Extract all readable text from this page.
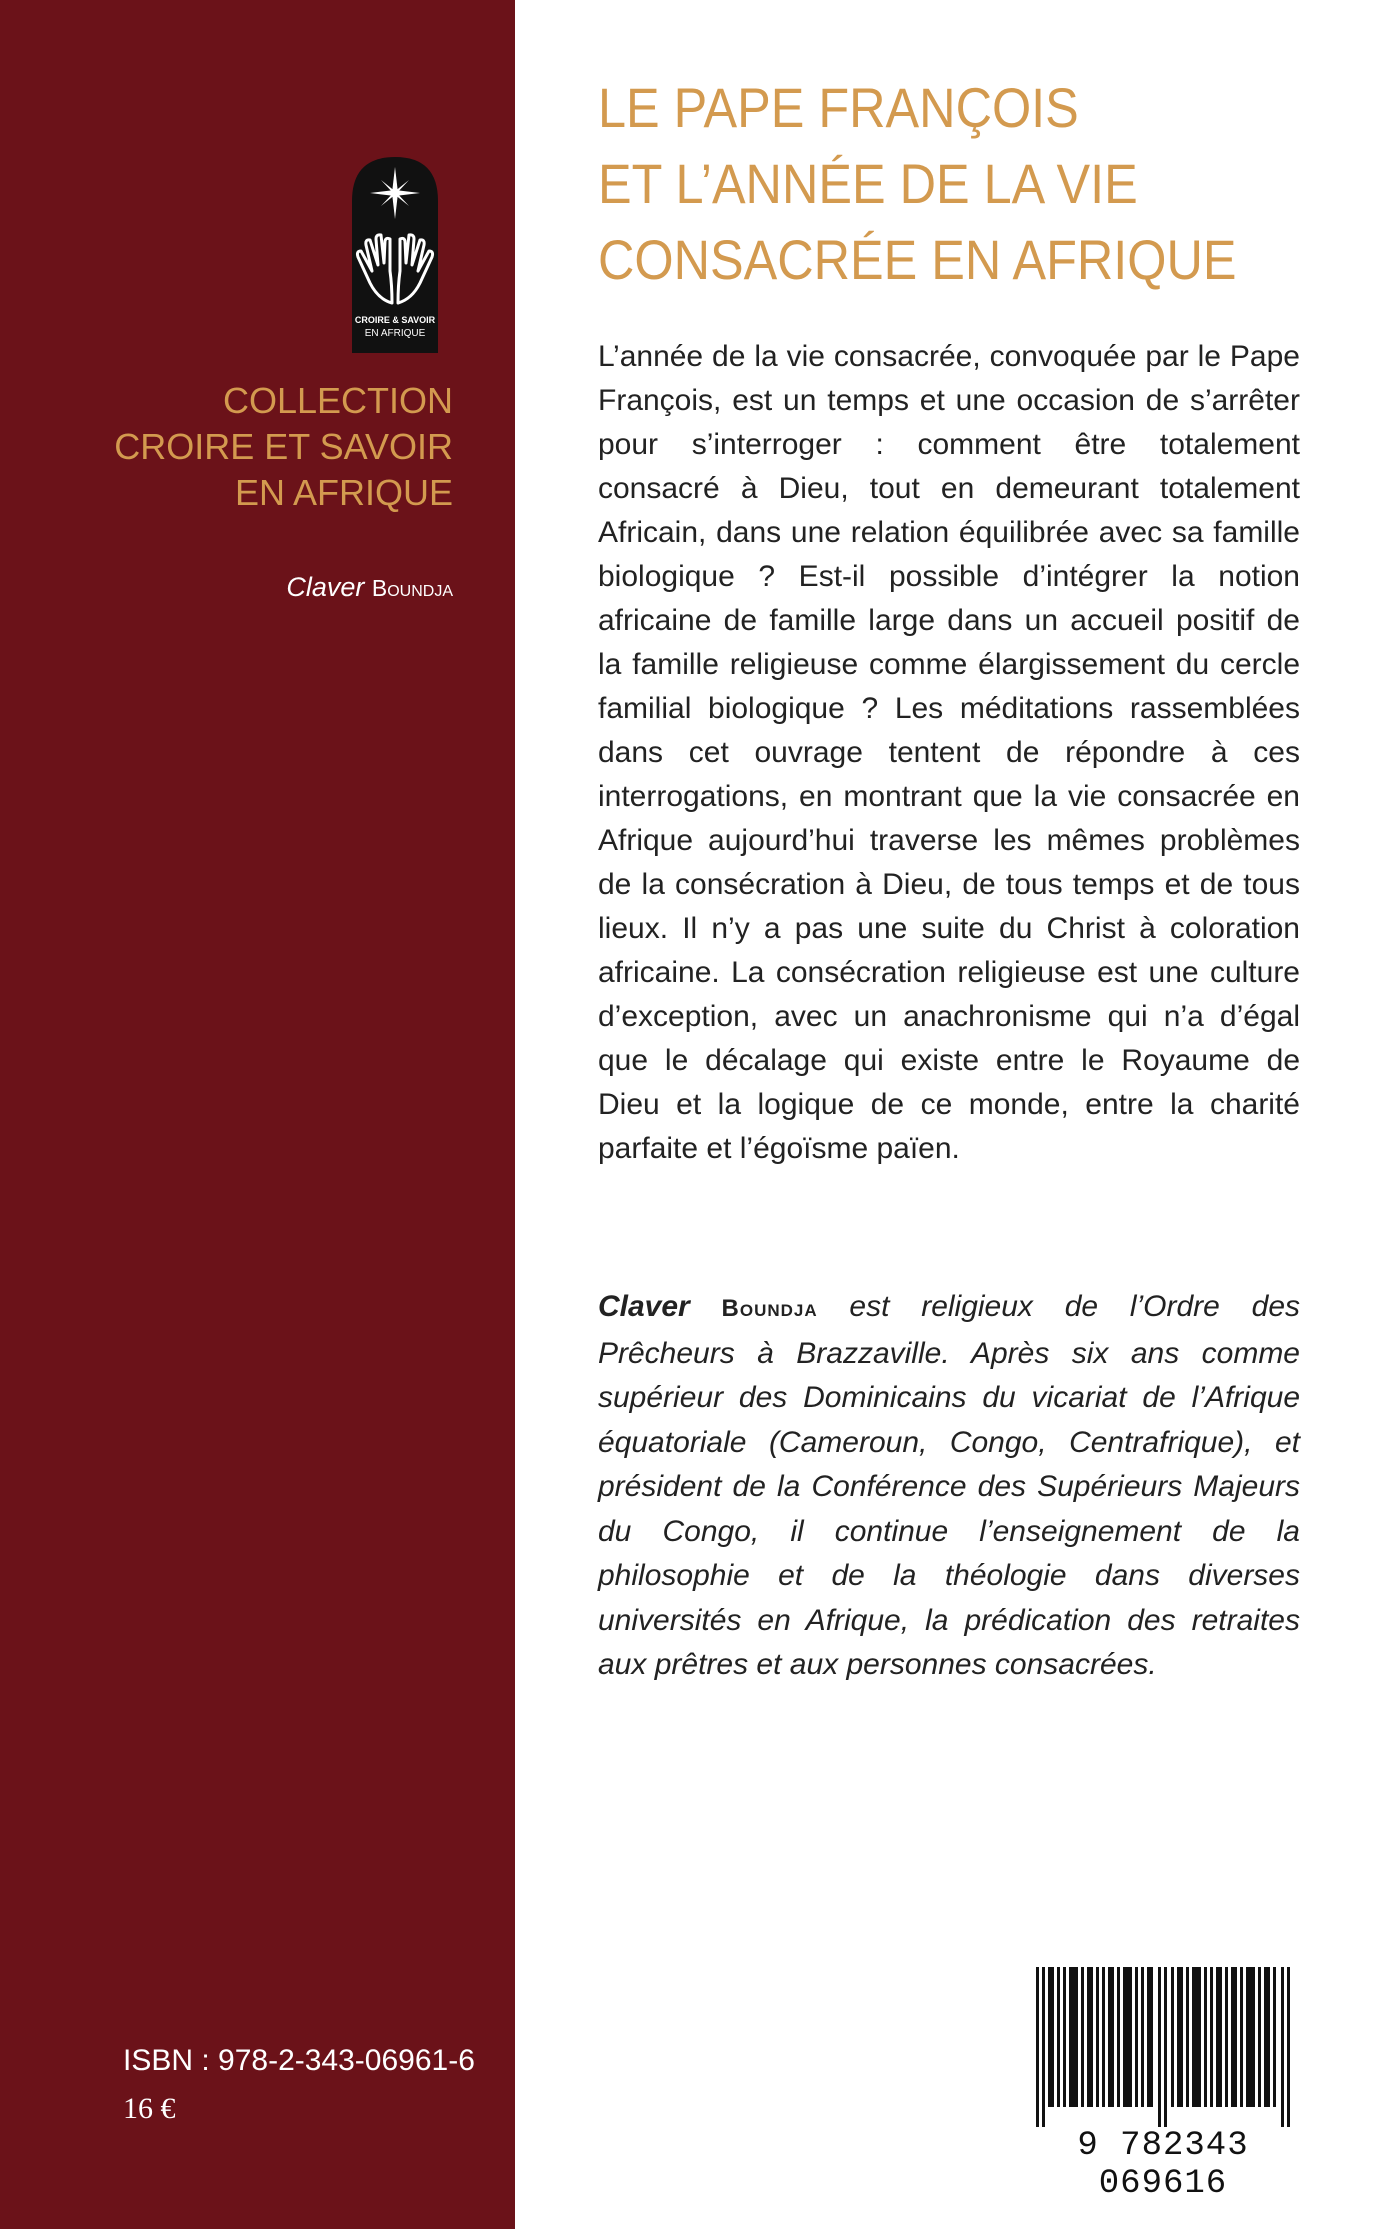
CROIRE & SAVOIR
EN AFRIQUE
COLLECTION
CROIRE ET SAVOIR
EN AFRIQUE
Claver Boundja
ISBN : 978-2-343-06961-6
16 €
LE PAPE FRANÇOIS
ET L’ANNÉE DE LA VIE
CONSACRÉE EN AFRIQUE

L’année de la vie consacrée, convoquée par le Pape François, est un temps et une occasion de s’arrêter pour s’interroger : comment être totalement consacré à Dieu, tout en demeurant totalement Africain, dans une relation équilibrée avec sa famille biologique ? Est-il possible d’intégrer la notion africaine de famille large dans un accueil positif de la famille religieuse comme élargissement du cercle familial biologique ? Les méditations rassemblées dans cet ouvrage tentent de répondre à ces interrogations, en montrant que la vie consacrée en Afrique aujourd’hui traverse les mêmes problèmes de la consécration à Dieu, de tous temps et de tous lieux. Il n’y a pas une suite du Christ à coloration africaine. La consécration religieuse est une culture d’exception, avec un anachronisme qui n’a d’égal que le décalage qui existe entre le Royaume de Dieu et la logique de ce monde, entre la charité parfaite et l’égoïsme païen.

Claver Boundja est religieux de l’Ordre des Prêcheurs à Brazzaville. Après six ans comme supérieur des Dominicains du vicariat de l’Afrique équatoriale (Cameroun, Congo, Centrafrique), et président de la Conférence des Supérieurs Majeurs du Congo, il continue l’enseignement de la philosophie et de la théologie dans diverses universités en Afrique, la prédication des retraites aux prêtres et aux personnes consacrées.

9 782343 069616
